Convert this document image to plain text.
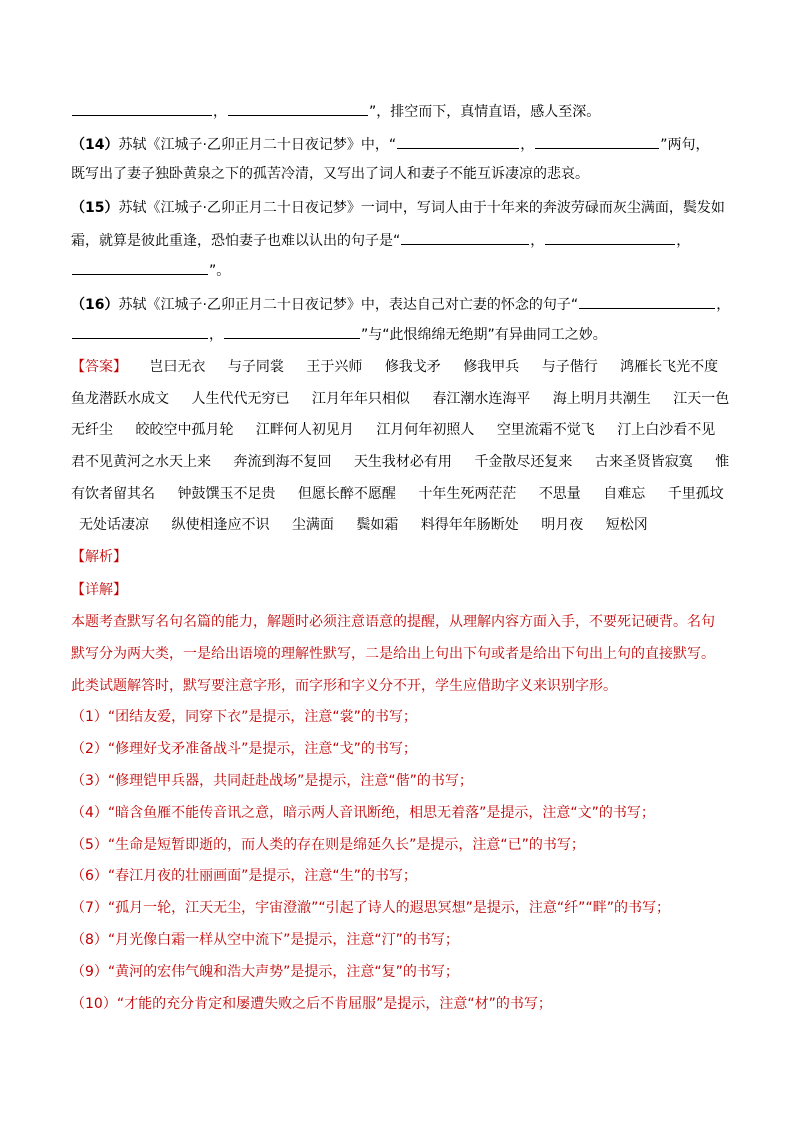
，	”，排空而下，真情直语，感人至深。
（14）苏轼《江城子·乙卯正月二十日夜记梦》中，“	，	”两句，
既写出了妻子独卧黄泉之下的孤苦冷清，又写出了词人和妻子不能互诉凄凉的悲哀。
（15）苏轼《江城子·乙卯正月二十日夜记梦》一词中，写词人由于十年来的奔波劳碌而灰尘满面，鬓发如
霜，就算是彼此重逢，恐怕妻子也难以认出的句子是“	，	，
”。
（16）苏轼《江城子·乙卯正月二十日夜记梦》中，表达自己对亡妻的怀念的句子“	，
，	”与“此恨绵绵无绝期”有异曲同工之妙。
【答案】 岂曰无衣 与子同裳 王于兴师 修我戈矛 修我甲兵 与子偕行 鸿雁长飞光不度
鱼龙潜跃水成文 人生代代无穷已 江月年年只相似 春江潮水连海平 海上明月共潮生 江天一色
无纤尘 皎皎空中孤月轮 江畔何人初见月 江月何年初照人 空里流霜不觉飞 汀上白沙看不见
君不见黄河之水天上来 奔流到海不复回 天生我材必有用 千金散尽还复来 古来圣贤皆寂寞 惟
有饮者留其名 钟鼓馔玉不足贵 但愿长醉不愿醒 十年生死两茫茫 不思量 自难忘 千里孤坟
无处话凄凉 纵使相逢应不识 尘满面 鬓如霜 料得年年肠断处 明月夜 短松冈
【解析】
【详解】
本题考查默写名句名篇的能力，解题时必须注意语意的提醒，从理解内容方面入手，不要死记硬背。名句
默写分为两大类，一是给出语境的理解性默写，二是给出上句出下句或者是给出下句出上句的直接默写。
此类试题解答时，默写要注意字形，而字形和字义分不开，学生应借助字义来识别字形。
（1）“团结友爱，同穿下衣”是提示，注意“裳”的书写；
（2）“修理好戈矛准备战斗”是提示，注意“戈”的书写；
（3）“修理铠甲兵器，共同赶赴战场”是提示，注意“偕”的书写；
（4）“暗含鱼雁不能传音讯之意，暗示两人音讯断绝，相思无着落”是提示，注意“文”的书写；
（5）“生命是短暂即逝的，而人类的存在则是绵延久长”是提示，注意“已”的书写；
（6）“春江月夜的壮丽画面”是提示，注意“生”的书写；
（7）“孤月一轮，江天无尘，宇宙澄澈”“引起了诗人的遐思冥想”是提示，注意“纤”“畔”的书写；
（8）“月光像白霜一样从空中流下”是提示，注意“汀”的书写；
（9）“黄河的宏伟气魄和浩大声势”是提示，注意“复”的书写；
（10）“才能的充分肯定和屡遭失败之后不肯屈服”是提示，注意“材”的书写；
